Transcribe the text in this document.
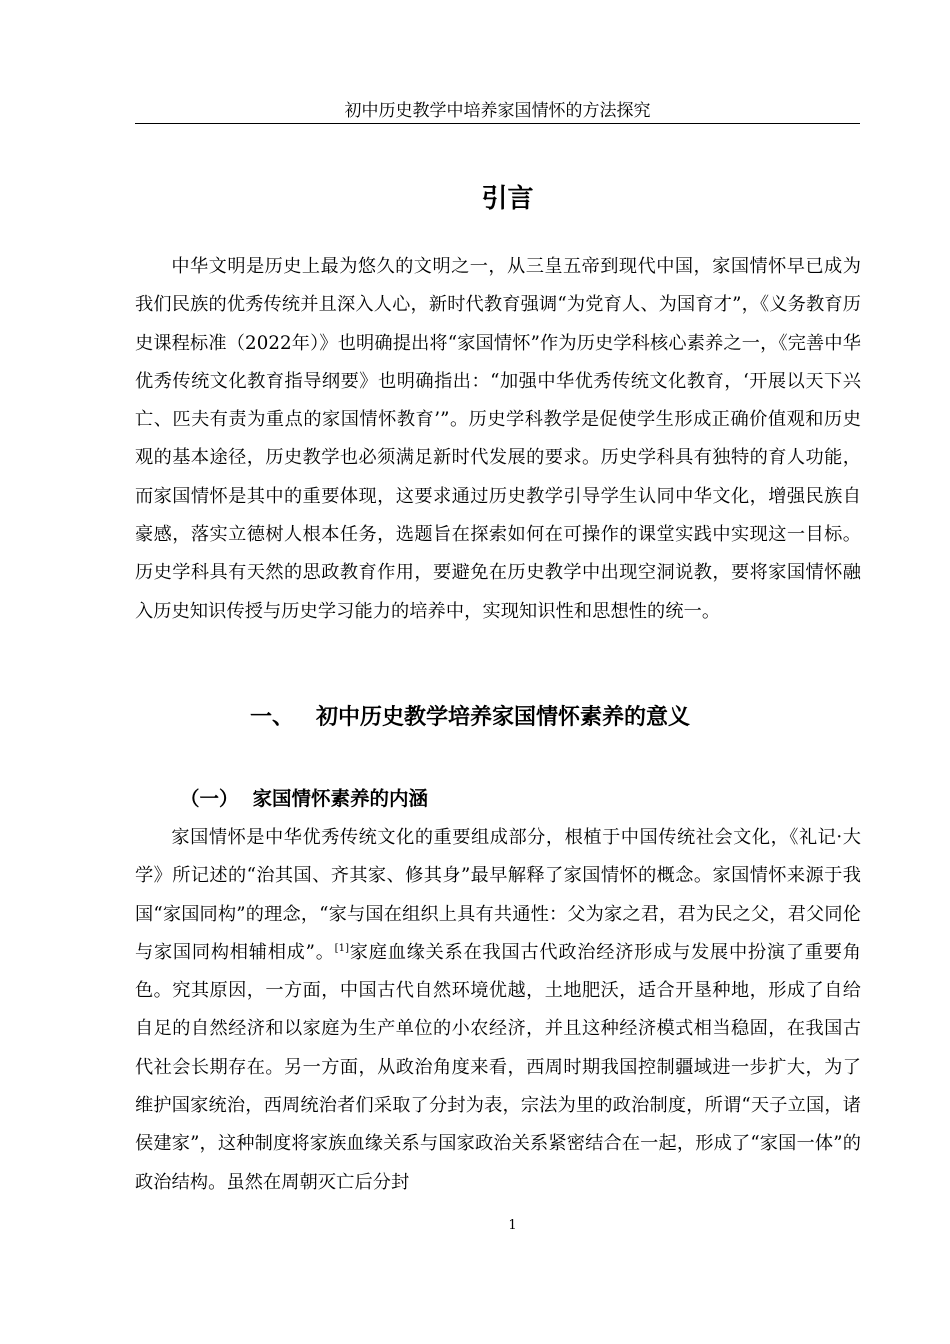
初中历史教学中培养家国情怀的方法探究
引言

中华文明是历史上最为悠久的文明之一，从三皇五帝到现代中国，家国情怀早已成为我们民族的优秀传统并且深入人心，新时代教育强调“为党育人、为国育才”，《义务教育历史课程标准（2022年）》也明确提出将“家国情怀”作为历史学科核心素养之一，《完善中华优秀传统文化教育指导纲要》也明确指出：“加强中华优秀传统文化教育，‘开展以天下兴亡、匹夫有责为重点的家国情怀教育’”。历史学科教学是促使学生形成正确价值观和历史观的基本途径，历史教学也必须满足新时代发展的要求。历史学科具有独特的育人功能，而家国情怀是其中的重要体现，这要求通过历史教学引导学生认同中华文化，增强民族自豪感，落实立德树人根本任务，选题旨在探索如何在可操作的课堂实践中实现这一目标。历史学科具有天然的思政教育作用，要避免在历史教学中出现空洞说教，要将家国情怀融入历史知识传授与历史学习能力的培养中，实现知识性和思想性的统一。

一、 初中历史教学培养家国情怀素养的意义
（一） 家国情怀素养的内涵

家国情怀是中华优秀传统文化的重要组成部分，根植于中国传统社会文化，《礼记·大学》所记述的“治其国、齐其家、修其身”最早解释了家国情怀的概念。家国情怀来源于我国“家国同构”的理念，“家与国在组织上具有共通性：父为家之君，君为民之父，君父同伦与家国同构相辅相成”。[1]家庭血缘关系在我国古代政治经济形成与发展中扮演了重要角色。究其原因，一方面，中国古代自然环境优越，土地肥沃，适合开垦种地，形成了自给自足的自然经济和以家庭为生产单位的小农经济，并且这种经济模式相当稳固，在我国古代社会长期存在。另一方面，从政治角度来看，西周时期我国控制疆域进一步扩大，为了维护国家统治，西周统治者们采取了分封为表，宗法为里的政治制度，所谓“天子立国，诸侯建家”，这种制度将家族血缘关系与国家政治关系紧密结合在一起，形成了“家国一体”的政治结构。虽然在周朝灭亡后分封

1
